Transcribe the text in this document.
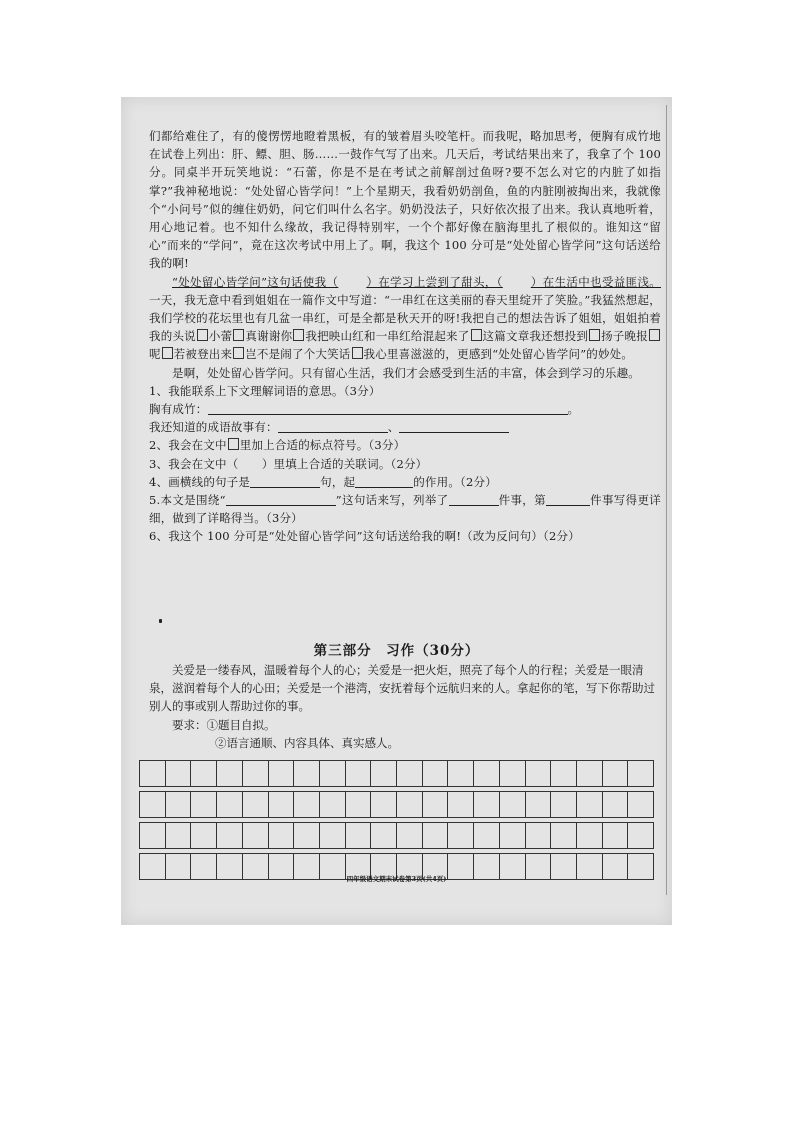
们都给难住了，有的傻愣愣地瞪着黑板，有的皱着眉头咬笔杆。而我呢，略加思考，便胸有成竹地在试卷上列出：肝、鳔、胆、肠……一鼓作气写了出来。几天后，考试结果出来了，我拿了个 100 分。同桌半开玩笑地说：“石蕾，你是不是在考试之前解剖过鱼呀?要不怎么对它的内脏了如指掌?”我神秘地说：“处处留心皆学问！”上个星期天，我看奶奶剖鱼，鱼的内脏刚被掏出来，我就像个“小问号”似的缠住奶奶，问它们叫什么名字。奶奶没法子，只好依次报了出来。我认真地听着，用心地记着。也不知什么缘故，我记得特别牢，一个个都好像在脑海里扎了根似的。谁知这“留心”而来的“学问”，竟在这次考试中用上了。啊，我这个 100 分可是“处处留心皆学问”这句话送给我的啊!

“处处留心皆学问”这句话使我（ ）在学习上尝到了甜头，（ ）在生活中也受益匪浅。一天，我无意中看到姐姐在一篇作文中写道：“一串红在这美丽的春天里绽开了笑脸。”我猛然想起，我们学校的花坛里也有几盆一串红，可是全都是秋天开的呀!我把自己的想法告诉了姐姐，姐姐拍着我的头说 小蕾 真谢谢你 我把映山红和一串红给混起来了 这篇文章我还想投到 扬子晚报呢 若被登出来 岂不是闹了个大笑话 我心里喜滋滋的，更感到“处处留心皆学问”的妙处。

是啊，处处留心皆学问。只有留心生活，我们才会感受到生活的丰富，体会到学习的乐趣。

1、我能联系上下文理解词语的意思。（3分）

胸有成竹：	。

我还知道的成语故事有：	、

2、我会在文中 里加上合适的标点符号。（3分）

3、我会在文中（　　）里填上合适的关联词。（2分）

4、画横线的句子是	句，起	的作用。（2分）

5.本文是围绕“	”这句话来写，列举了	件事，第	件事写得更详细，做到了详略得当。（3分）

6、我这个 100 分可是“处处留心皆学问”这句话送给我的啊!（改为反问句）（2分）

第三部分　习作（30分）

关爱是一缕春风，温暖着每个人的心；关爱是一把火炬，照亮了每个人的行程；关爱是一眼清泉，滋润着每个人的心田；关爱是一个港湾，安抚着每个远航归来的人。拿起你的笔，写下你帮助过别人的事或别人帮助过你的事。

要求：①题目自拟。

②语言通顺、内容具体、真实感人。

四年级语文期末试卷第3页(共4页)
